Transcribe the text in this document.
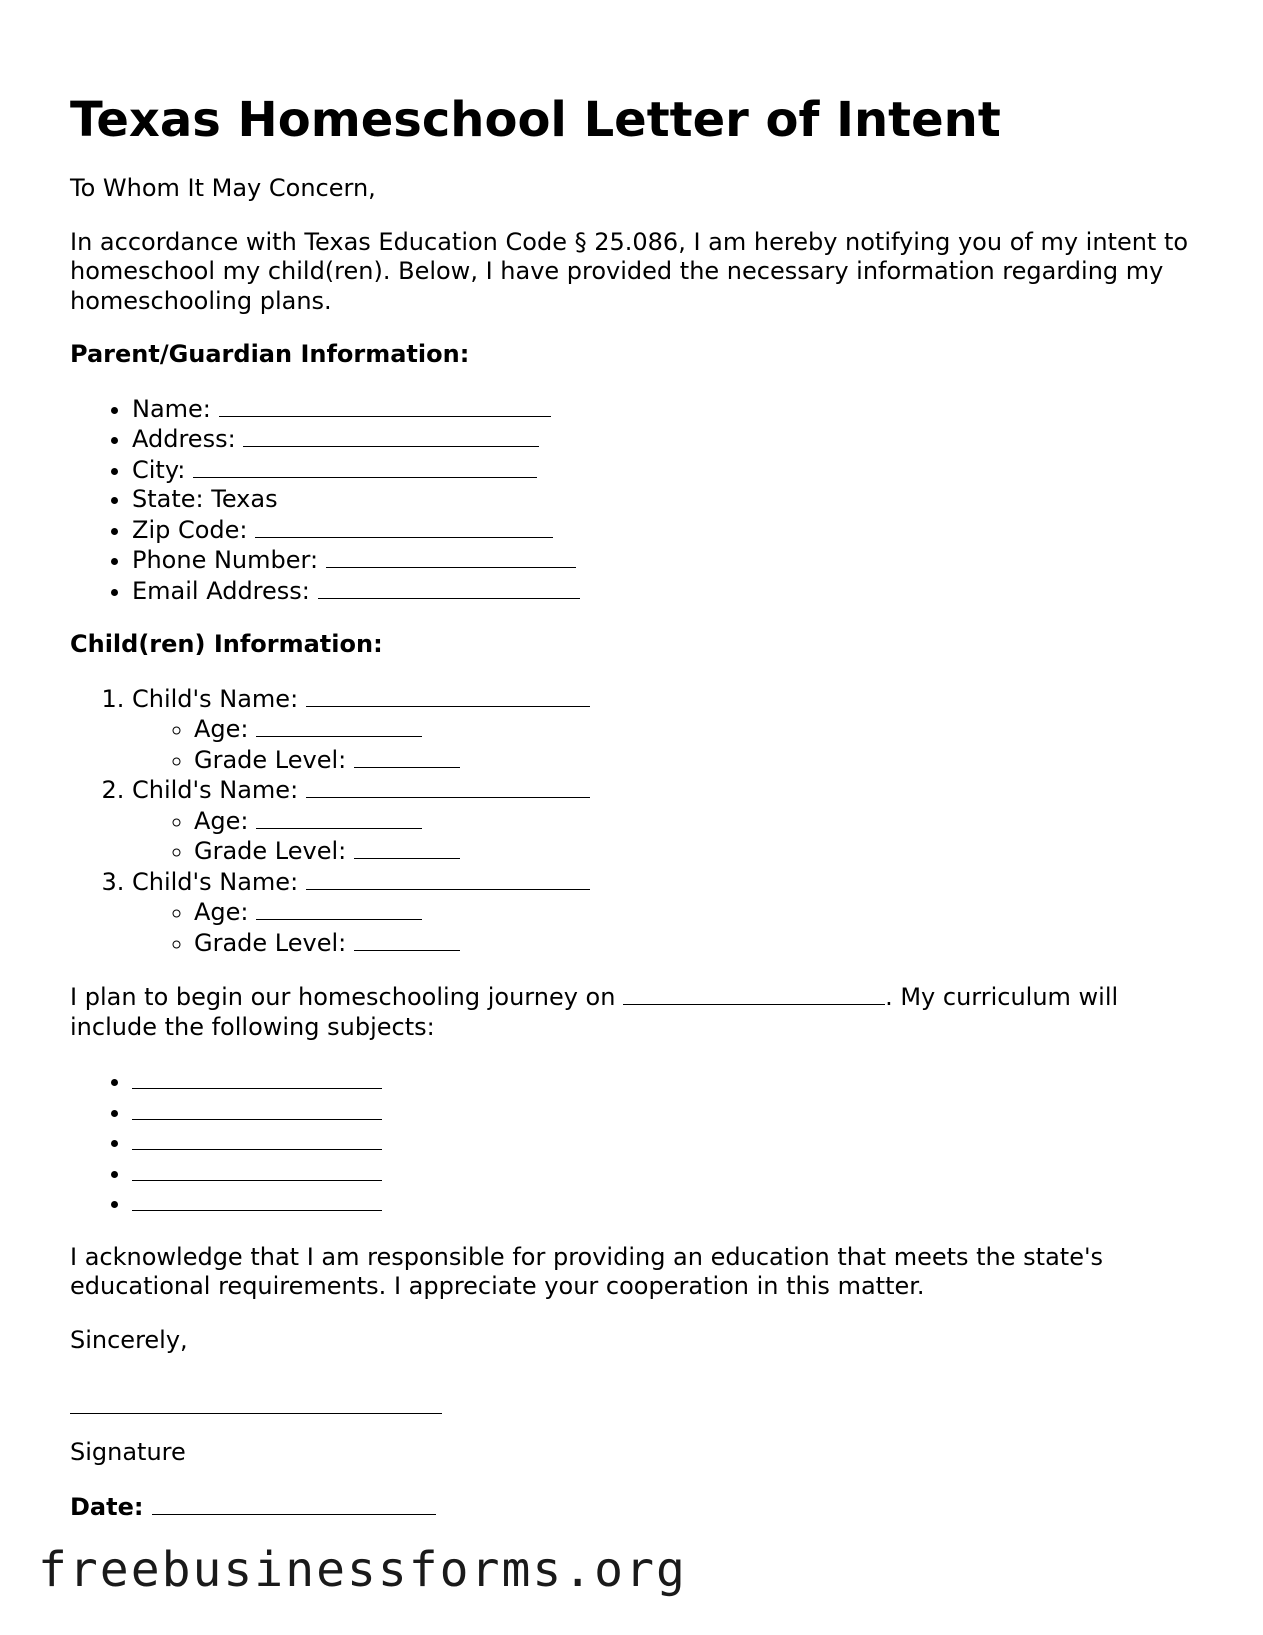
Texas Homeschool Letter of Intent

To Whom It May Concern,

In accordance with Texas Education Code § 25.086, I am hereby notifying you of my intent to homeschool my child(ren). Below, I have provided the necessary information regarding my homeschooling plans.

Parent/Guardian Information:

• Name:
• Address:
• City:
• State: Texas
• Zip Code:
• Phone Number:
• Email Address:

Child(ren) Information:

1. Child's Name:
◦ Age:
◦ Grade Level:
2. Child's Name:
◦ Age:
◦ Grade Level:
3. Child's Name:
◦ Age:
◦ Grade Level:

I plan to begin our homeschooling journey on	. My curriculum will include the following subjects:

•
•
•
•
•

I acknowledge that I am responsible for providing an education that meets the state's educational requirements. I appreciate your cooperation in this matter.

Sincerely,

Signature

Date:

freebusinessforms.org
